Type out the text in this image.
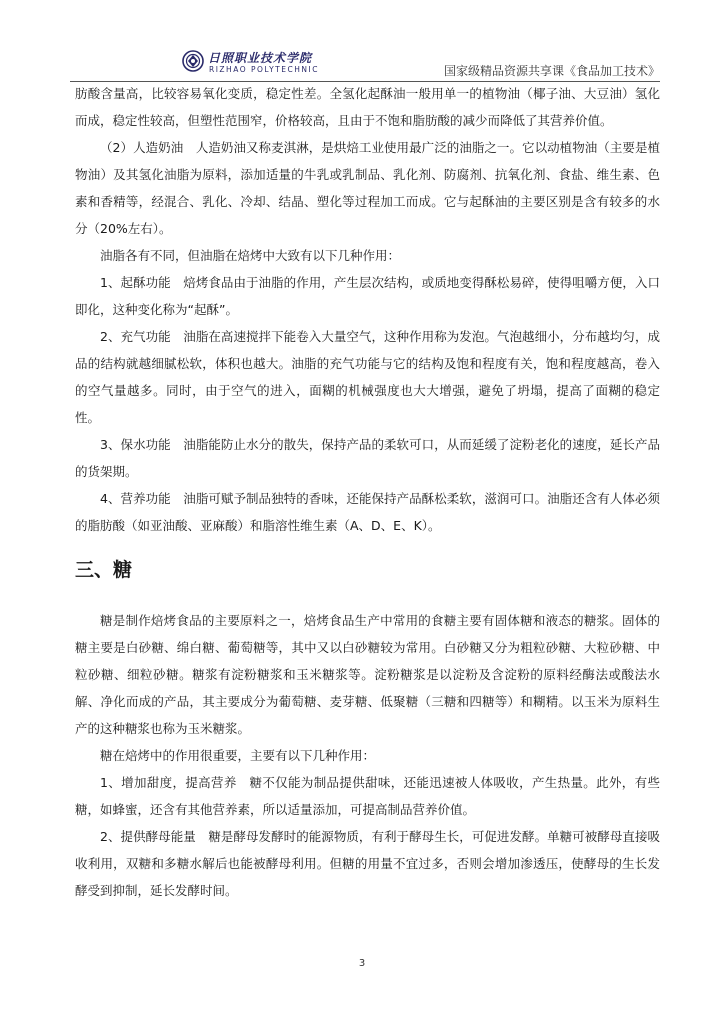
日照职业技术学院
RIZHAO POLYTECHNIC	国家级精品资源共享课《食品加工技术》

肪酸含量高，比较容易氧化变质，稳定性差。全氢化起酥油一般用单一的植物油（椰子油、大豆油）氢化而成，稳定性较高，但塑性范围窄，价格较高，且由于不饱和脂肪酸的减少而降低了其营养价值。

（2）人造奶油　人造奶油又称麦淇淋，是烘焙工业使用最广泛的油脂之一。它以动植物油（主要是植物油）及其氢化油脂为原料，添加适量的牛乳或乳制品、乳化剂、防腐剂、抗氧化剂、食盐、维生素、色素和香精等，经混合、乳化、冷却、结晶、塑化等过程加工而成。它与起酥油的主要区别是含有较多的水分（20%左右）。

油脂各有不同，但油脂在焙烤中大致有以下几种作用：

1、起酥功能　焙烤食品由于油脂的作用，产生层次结构，或质地变得酥松易碎，使得咀嚼方便，入口即化，这种变化称为“起酥”。

2、充气功能　油脂在高速搅拌下能卷入大量空气，这种作用称为发泡。气泡越细小，分布越均匀，成品的结构就越细腻松软，体积也越大。油脂的充气功能与它的结构及饱和程度有关，饱和程度越高，卷入的空气量越多。同时，由于空气的进入，面糊的机械强度也大大增强，避免了坍塌，提高了面糊的稳定性。

3、保水功能　油脂能防止水分的散失，保持产品的柔软可口，从而延缓了淀粉老化的速度，延长产品的货架期。

4、营养功能　油脂可赋予制品独特的香味，还能保持产品酥松柔软，滋润可口。油脂还含有人体必须的脂肪酸（如亚油酸、亚麻酸）和脂溶性维生素（A、D、E、K）。

三、糖

糖是制作焙烤食品的主要原料之一，焙烤食品生产中常用的食糖主要有固体糖和液态的糖浆。固体的糖主要是白砂糖、绵白糖、葡萄糖等，其中又以白砂糖较为常用。白砂糖又分为粗粒砂糖、大粒砂糖、中粒砂糖、细粒砂糖。糖浆有淀粉糖浆和玉米糖浆等。淀粉糖浆是以淀粉及含淀粉的原料经酶法或酸法水解、净化而成的产品，其主要成分为葡萄糖、麦芽糖、低聚糖（三糖和四糖等）和糊精。以玉米为原料生产的这种糖浆也称为玉米糖浆。

糖在焙烤中的作用很重要，主要有以下几种作用：

1、增加甜度，提高营养　糖不仅能为制品提供甜味，还能迅速被人体吸收，产生热量。此外，有些糖，如蜂蜜，还含有其他营养素，所以适量添加，可提高制品营养价值。

2、提供酵母能量　糖是酵母发酵时的能源物质，有利于酵母生长，可促进发酵。单糖可被酵母直接吸收利用，双糖和多糖水解后也能被酵母利用。但糖的用量不宜过多，否则会增加渗透压，使酵母的生长发酵受到抑制，延长发酵时间。

3
